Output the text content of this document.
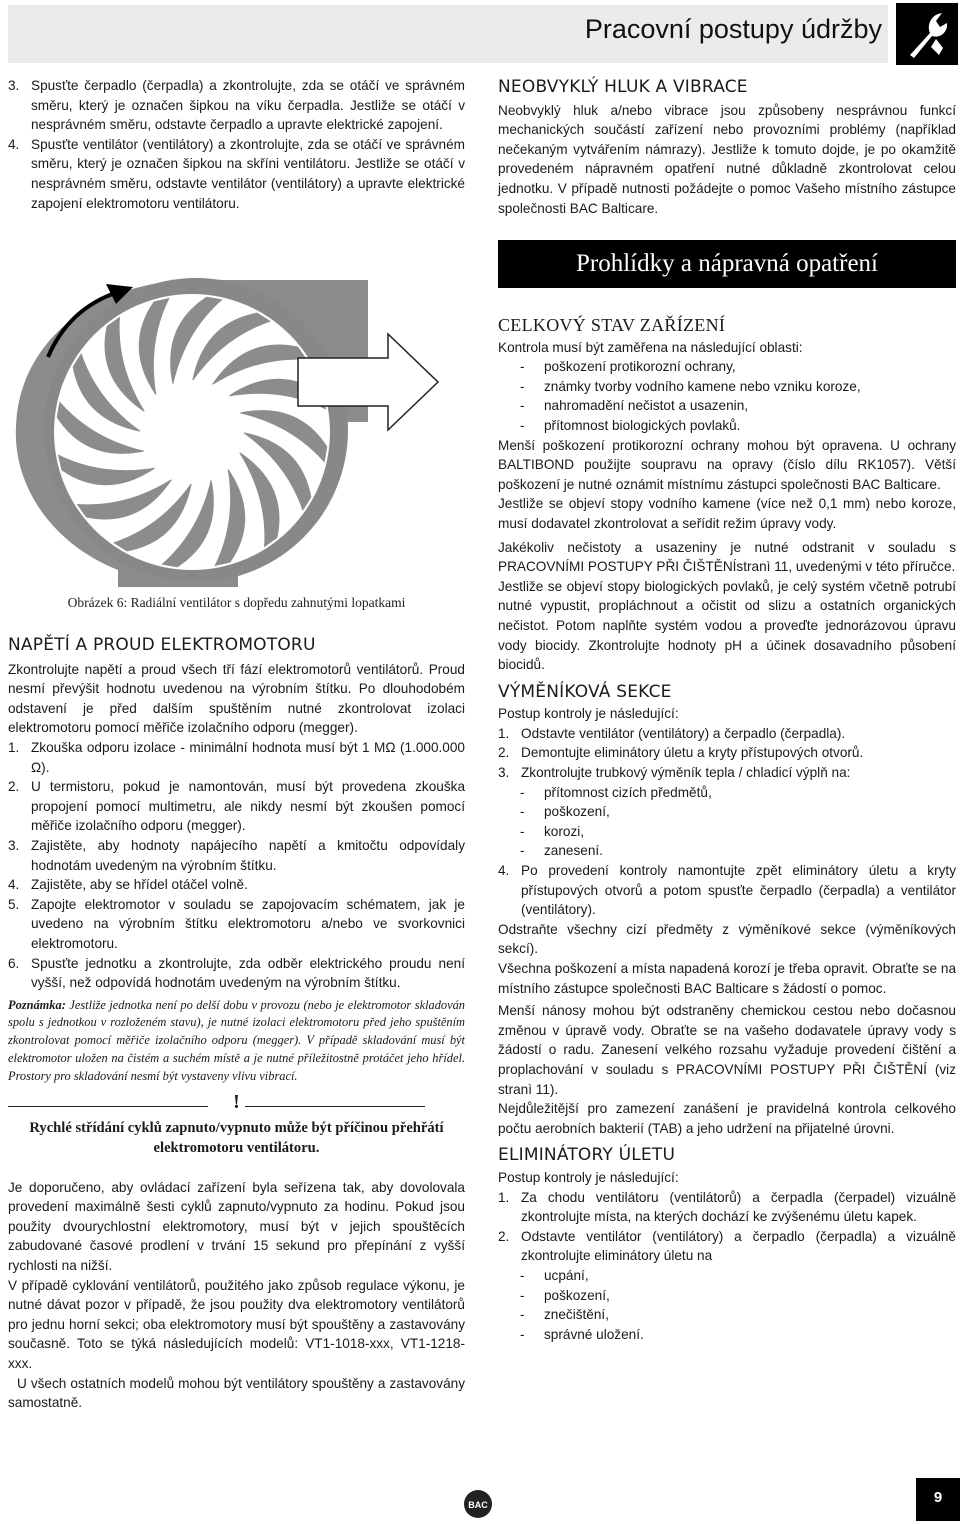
Pracovní postupy údržby
3. Spusťte čerpadlo (čerpadla) a zkontrolujte, zda se otáčí ve správném směru, který je označen šipkou na víku čerpadla. Jestliže se otáčí v nesprávném směru, odstavte čerpadlo a upravte elektrické zapojení.
4. Spusťte ventilátor (ventilátory) a zkontrolujte, zda se otáčí ve správném směru, který je označen šipkou na skříni ventilátoru. Jestliže se otáčí v nesprávném směru, odstavte ventilátor (ventilátory) a upravte elektrické zapojení elektromotoru ventilátoru.
Obrázek 6: Radiální ventilátor s dopředu zahnutými lopatkami
NAPĚTÍ A PROUD ELEKTROMOTORU

Zkontrolujte napětí a proud všech tří fází elektromotorů ventilátorů. Proud nesmí převýšit hodnotu uvedenou na výrobním štítku. Po dlouhodobém odstavení je před dalším spuštěním nutné zkontrolovat izolaci elektromotoru pomocí měřiče izolačního odporu (megger).

1. Zkouška odporu izolace - minimální hodnota musí být 1 MΩ (1.000.000 Ω).
2. U termistoru, pokud je namontován, musí být provedena zkouška propojení pomocí multimetru, ale nikdy nesmí být zkoušen pomocí měřiče izolačního odporu (megger).
3. Zajistěte, aby hodnoty napájecího napětí a kmitočtu odpovídaly hodnotám uvedeným na výrobním štítku.
4. Zajistěte, aby se hřídel otáčel volně.
5. Zapojte elektromotor v souladu se zapojovacím schématem, jak je uvedeno na výrobním štítku elektromotoru a/nebo ve svorkovnici elektromotoru.
6. Spusťte jednotku a zkontrolujte, zda odběr elektrického proudu není vyšší, než odpovídá hodnotám uvedeným na výrobním štítku.

Poznámka: Jestliže jednotka není po delší dobu v provozu (nebo je elektromotor skladován spolu s jednotkou v rozloženém stavu), je nutné izolaci elektromotoru před jeho spuštěním zkontrolovat pomocí měřiče izolačního odporu (megger). V případě skladování musí být elektromotor uložen na čistém a suchém místě a je nutné příležitostně protáčet jeho hřídel. Prostory pro skladování nesmí být vystaveny vlivu vibrací.

!

Rychlé střídání cyklů zapnuto/vypnuto může být příčinou přehřátí elektromotoru ventilátoru.

Je doporučeno, aby ovládací zařízení byla seřízena tak, aby dovolovala provedení maximálně šesti cyklů zapnuto/vypnuto za hodinu. Pokud jsou použity dvourychlostní elektromotory, musí být v jejich spouštěcích zabudované časové prodlení v trvání 15 sekund pro přepínání z vyšší rychlosti na nižší.

V případě cyklování ventilátorů, použitého jako způsob regulace výkonu, je nutné dávat pozor v případě, že jsou použity dva elektromotory ventilátorů pro jednu horní sekci; oba elektromotory musí být spouštěny a zastavovány současně. Toto se týká následujících modelů: VT1-1018-xxx, VT1-1218-xxx.

U všech ostatních modelů mohou být ventilátory spouštěny a zastavovány samostatně.

NEOBVYKLÝ HLUK A VIBRACE

Neobvyklý hluk a/nebo vibrace jsou způsobeny nesprávnou funkcí mechanických součástí zařízení nebo provozními problémy (například nečekaným vytvářením námrazy). Jestliže k tomuto dojde, je po okamžitě provedeném nápravném opatření nutné důkladně zkontrolovat celou jednotku. V případě nutnosti požádejte o pomoc Vašeho místního zástupce společnosti BAC Balticare.

Prohlídky a nápravná opatření
CELKOVÝ STAV ZAŘÍZENÍ

Kontrola musí být zaměřena na následující oblasti:

- poškození protikorozní ochrany,
- známky tvorby vodního kamene nebo vzniku koroze,
- nahromadění nečistot a usazenin,
- přítomnost biologických povlaků.

Menší poškození protikorozní ochrany mohou být opravena. U ochrany BALTIBOND použijte soupravu na opravy (číslo dílu RK1057). Větší poškození je nutné oznámit místnímu zástupci společnosti BAC Balticare.

Jestliže se objeví stopy vodního kamene (více než 0,1 mm) nebo koroze, musí dodavatel zkontrolovat a seřídit režim úpravy vody.

Jakékoliv nečistoty a usazeniny je nutné odstranit v souladu s PRACOVNÍMI POSTUPY PŘI ČIŠTĚNÍstranì 11, uvedenými v této příručce.

Jestliže se objeví stopy biologických povlaků, je celý systém včetně potrubí nutné vypustit, propláchnout a očistit od slizu a ostatních organických nečistot. Potom naplňte systém vodou a proveďte jednorázovou úpravu vody biocidy. Zkontrolujte hodnoty pH a účinek dosavadního působení biocidů.

VÝMĚNÍKOVÁ SEKCE

Postup kontroly je následující:

1. Odstavte ventilátor (ventilátory) a čerpadlo (čerpadla).
2. Demontujte eliminátory úletu a kryty přístupových otvorů.
3. Zkontrolujte trubkový výměník tepla / chladicí výplň na:
- přítomnost cizích předmětů,
- poškození,
- korozi,
- zanesení.
4. Po provedení kontroly namontujte zpět eliminátory úletu a kryty přístupových otvorů a potom spusťte čerpadlo (čerpadla) a ventilátor (ventilátory).

Odstraňte všechny cizí předměty z výměníkové sekce (výměníkových sekcí).

Všechna poškození a místa napadená korozí je třeba opravit. Obraťte se na místního zástupce společnosti BAC Balticare s žádostí o pomoc.

Menší nánosy mohou být odstraněny chemickou cestou nebo dočasnou změnou v úpravě vody. Obraťte se na vašeho dodavatele úpravy vody s žádostí o radu. Zanesení velkého rozsahu vyžaduje provedení čištění a proplachování v souladu s PRACOVNÍMI POSTUPY PŘI ČIŠTĚNÍ (viz stranì 11).

Nejdůležitější pro zamezení zanášení je pravidelná kontrola celkového počtu aerobních bakterií (TAB) a jeho udržení na přijatelné úrovni.

ELIMINÁTORY ÚLETU

Postup kontroly je následující:

1. Za chodu ventilátoru (ventilátorů) a čerpadla (čerpadel) vizuálně zkontrolujte místa, na kterých dochází ke zvýšenému úletu kapek.
2. Odstavte ventilátor (ventilátory) a čerpadlo (čerpadla) a vizuálně zkontrolujte eliminátory úletu na
- ucpání,
- poškození,
- znečištění,
- správné uložení.
BAC	9
